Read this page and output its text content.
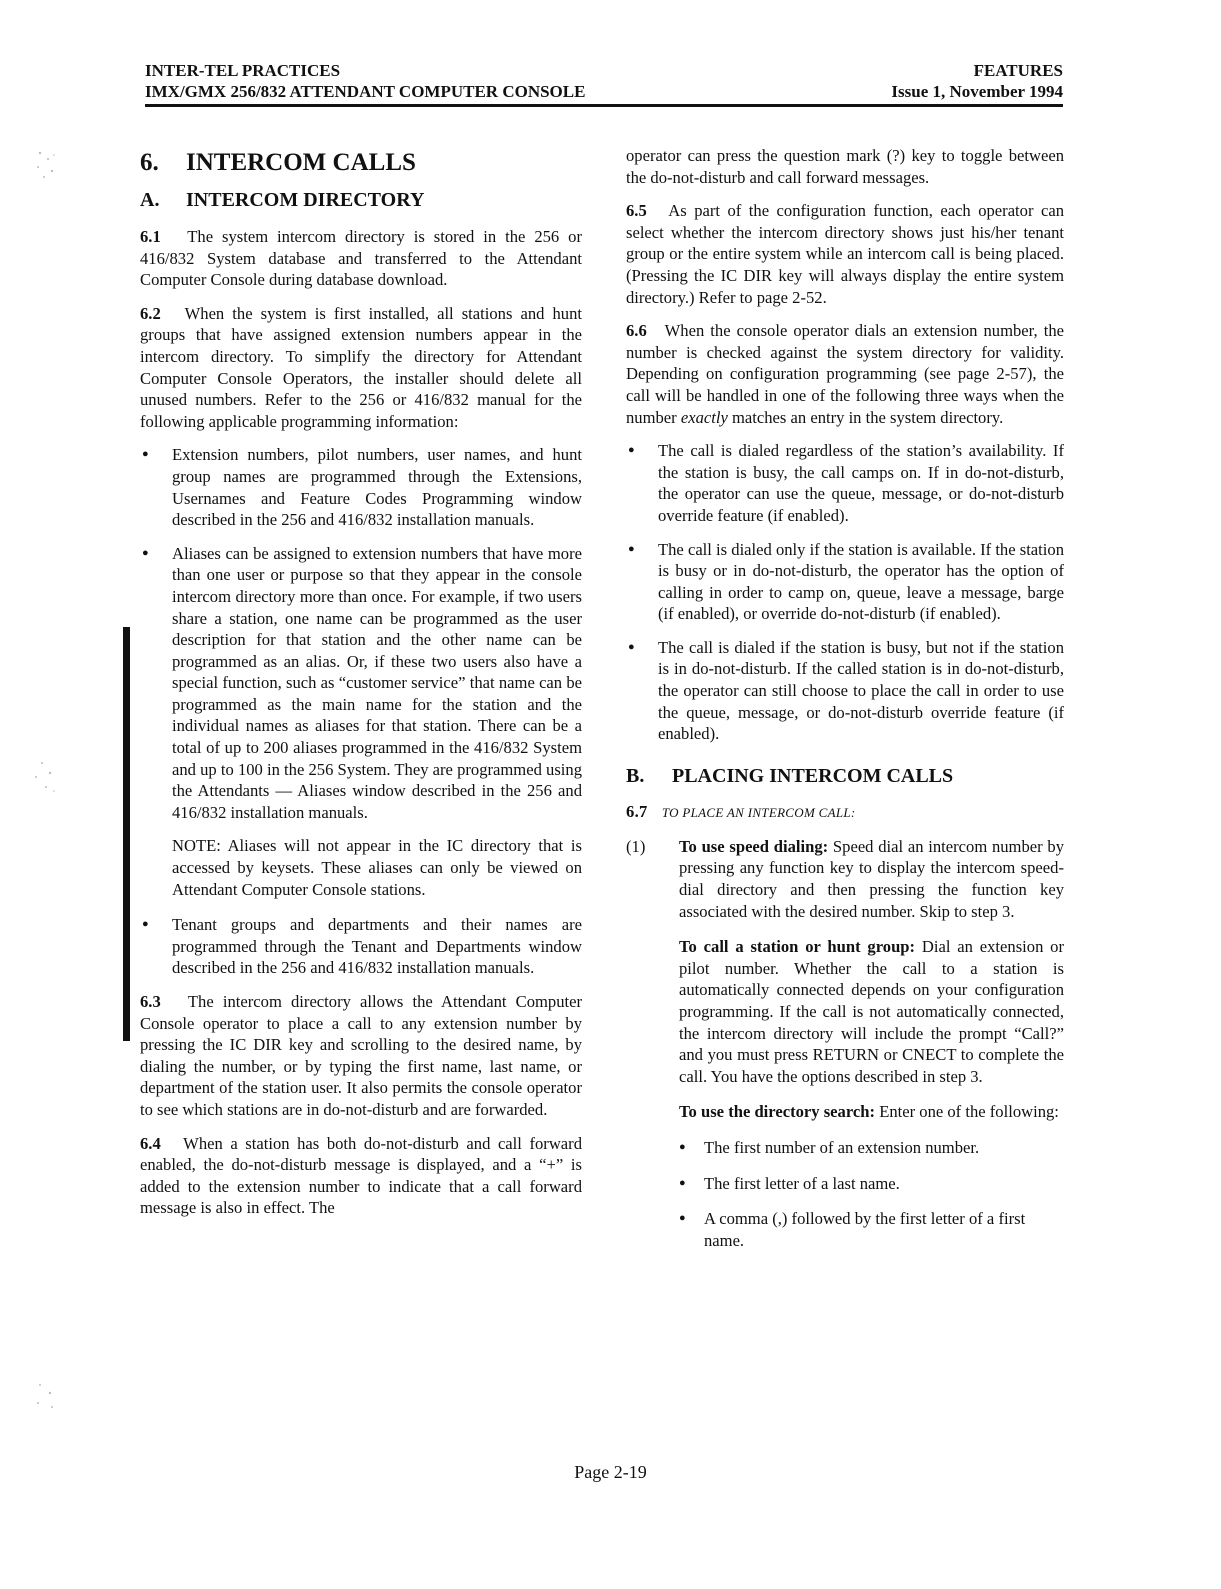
INTER-TEL PRACTICES	FEATURES
IMX/GMX 256/832 ATTENDANT COMPUTER CONSOLE	Issue 1, November 1994
6.	INTERCOM CALLS
A.	INTERCOM DIRECTORY

6.1 The system intercom directory is stored in the 256 or 416/832 System database and transferred to the Attendant Computer Console during database download.

6.2 When the system is first installed, all stations and hunt groups that have assigned extension numbers appear in the intercom directory. To simplify the directory for Attendant Computer Console Operators, the installer should delete all unused numbers. Refer to the 256 or 416/832 manual for the following applicable programming information:

● Extension numbers, pilot numbers, user names, and hunt group names are programmed through the Extensions, Usernames and Feature Codes Programming window described in the 256 and 416/832 installation manuals.
● Aliases can be assigned to extension numbers that have more than one user or purpose so that they appear in the console intercom directory more than once. For example, if two users share a station, one name can be programmed as the user description for that station and the other name can be programmed as an alias. Or, if these two users also have a special function, such as “customer service” that name can be programmed as the main name for the station and the individual names as aliases for that station. There can be a total of up to 200 aliases programmed in the 416/832 System and up to 100 in the 256 System. They are programmed using the Attendants — Aliases window described in the 256 and 416/832 installation manuals.
NOTE: Aliases will not appear in the IC directory that is accessed by keysets. These aliases can only be viewed on Attendant Computer Console stations.
● Tenant groups and departments and their names are programmed through the Tenant and Departments window described in the 256 and 416/832 installation manuals.

6.3 The intercom directory allows the Attendant Computer Console operator to place a call to any extension number by pressing the IC DIR key and scrolling to the desired name, by dialing the number, or by typing the first name, last name, or department of the station user. It also permits the console operator to see which stations are in do-not-disturb and are forwarded.

6.4 When a station has both do-not-disturb and call forward enabled, the do-not-disturb message is displayed, and a “+” is added to the extension number to indicate that a call forward message is also in effect. The

operator can press the question mark (?) key to toggle between the do-not-disturb and call forward messages.

6.5 As part of the configuration function, each operator can select whether the intercom directory shows just his/her tenant group or the entire system while an intercom call is being placed. (Pressing the IC DIR key will always display the entire system directory.) Refer to page 2-52.

6.6 When the console operator dials an extension number, the number is checked against the system directory for validity. Depending on configuration programming (see page 2-57), the call will be handled in one of the following three ways when the number exactly matches an entry in the system directory.

● The call is dialed regardless of the station’s availability. If the station is busy, the call camps on. If in do-not-disturb, the operator can use the queue, message, or do-not-disturb override feature (if enabled).
● The call is dialed only if the station is available. If the station is busy or in do-not-disturb, the operator has the option of calling in order to camp on, queue, leave a message, barge (if enabled), or override do-not-disturb (if enabled).
● The call is dialed if the station is busy, but not if the station is in do-not-disturb. If the called station is in do-not-disturb, the operator can still choose to place the call in order to use the queue, message, or do-not-disturb override feature (if enabled).
B.	PLACING INTERCOM CALLS
6.7 TO PLACE AN INTERCOM CALL:
(1)	To use speed dialing: Speed dial an intercom number by pressing any function key to display the intercom speed-dial directory and then pressing the function key associated with the desired number. Skip to step 3.
To call a station or hunt group: Dial an extension or pilot number. Whether the call to a station is automatically connected depends on your configuration programming. If the call is not automatically connected, the intercom directory will include the prompt “Call?” and you must press RETURN or CNECT to complete the call. You have the options described in step 3.
To use the directory search: Enter one of the following:
● The first number of an extension number.
● The first letter of a last name.
● A comma (,) followed by the first letter of a first name.
Page 2-19
